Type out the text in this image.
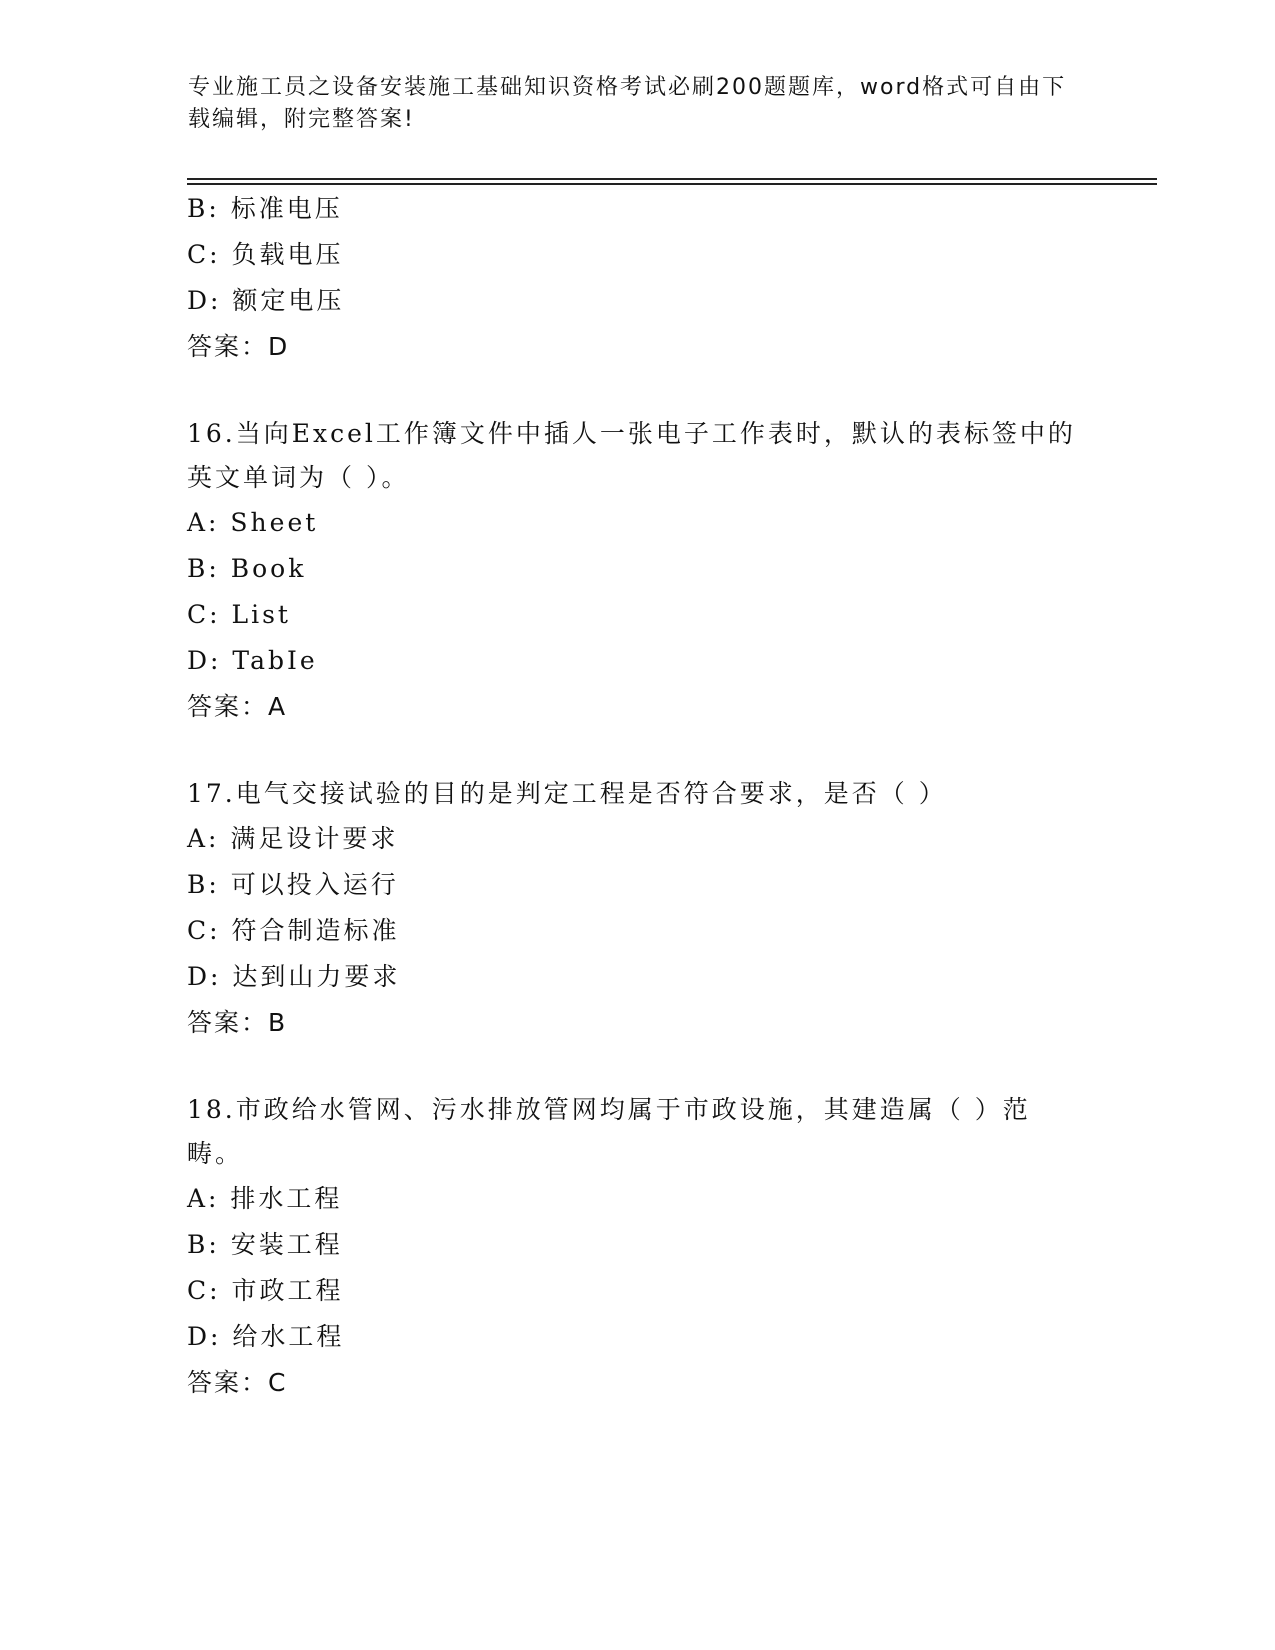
专业施工员之设备安装施工基础知识资格考试必刷200题题库，word格式可自由下载编辑，附完整答案!
B: 标准电压
C: 负载电压
D: 额定电压
答案：D
16.当向Excel工作簿文件中插人一张电子工作表时，默认的表标签中的英文单词为（ ）。
A: Sheet
B: Book
C: List
D: TabIe
答案：A
17.电气交接试验的目的是判定工程是否符合要求，是否（ ）
A: 满足设计要求
B: 可以投入运行
C: 符合制造标准
D: 达到山力要求
答案：B
18.市政给水管网、污水排放管网均属于市政设施，其建造属（ ）范畴。
A: 排水工程
B: 安装工程
C: 市政工程
D: 给水工程
答案：C
